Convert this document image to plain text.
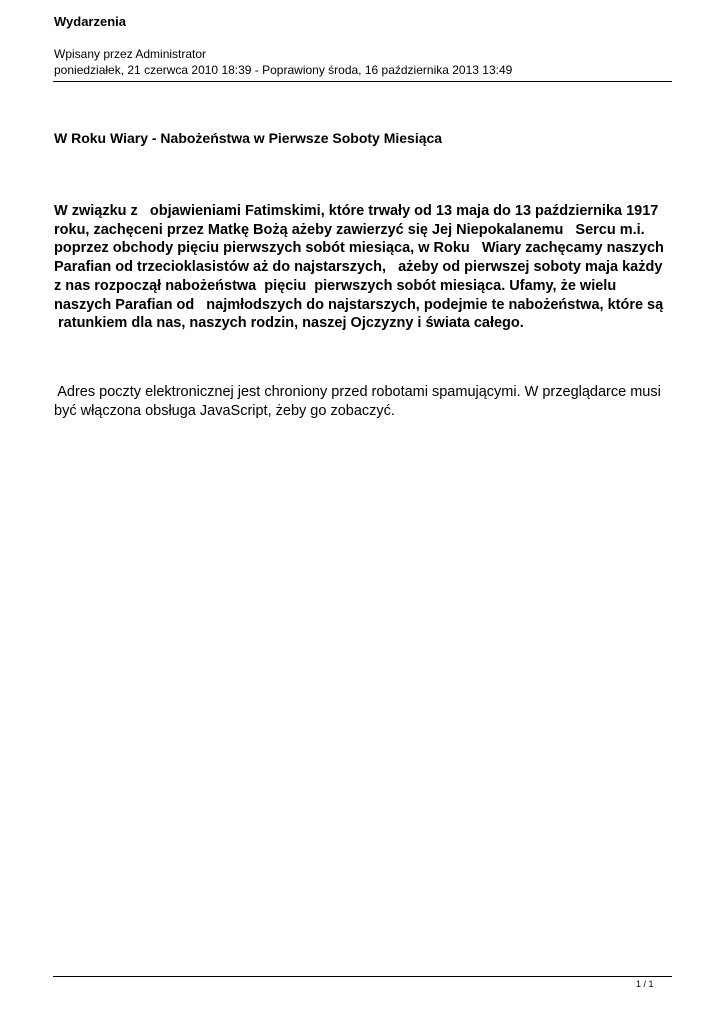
Wydarzenia
Wpisany przez Administrator
poniedziałek, 21 czerwca 2010 18:39 - Poprawiony środa, 16 października 2013 13:49
W Roku Wiary - Nabożeństwa w Pierwsze Soboty Miesiąca
W związku z   objawieniami Fatimskimi, które trwały od 13 maja do 13 października 1917
roku, zachęceni przez Matkę Bożą ażeby zawierzyć się Jej Niepokalanemu   Sercu m.i.
poprzez obchody pięciu pierwszych sobót miesiąca, w Roku   Wiary zachęcamy naszych
Parafian od trzecioklasistów aż do najstarszych,   ażeby od pierwszej soboty maja każdy
z nas rozpoczął nabożeństwa  pięciu  pierwszych sobót miesiąca. Ufamy, że wielu
naszych Parafian od   najmłodszych do najstarszych, podejmie te nabożeństwa, które są
ratunkiem dla nas, naszych rodzin, naszej Ojczyzny i świata całego.
Adres poczty elektronicznej jest chroniony przed robotami spamującymi. W przeglądarce musi
być włączona obsługa JavaScript, żeby go zobaczyć.
1 / 1
